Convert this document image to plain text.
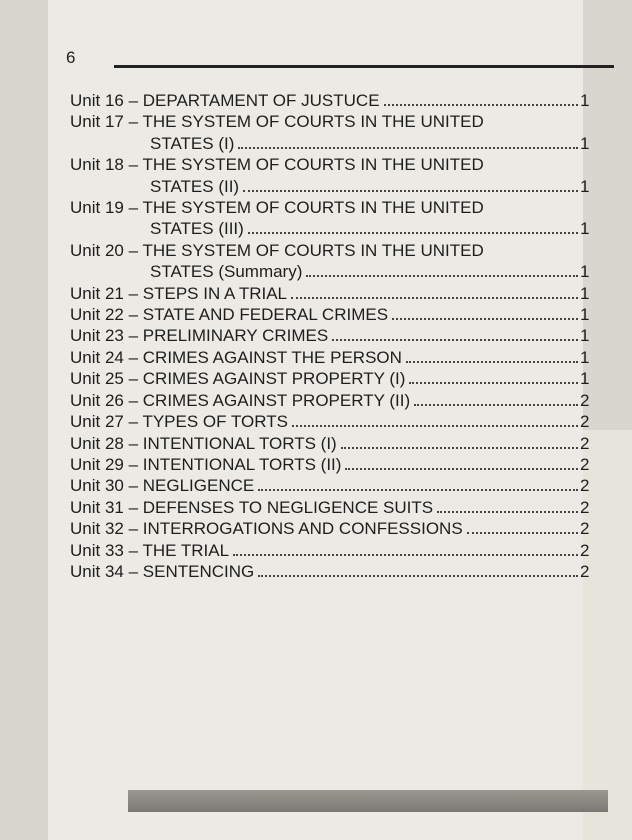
6
Unit 16 – DEPARTAMENT OF JUSTUCE	1
Unit 17 – THE SYSTEM OF COURTS IN THE UNITED
STATES (I)	1
Unit 18 – THE SYSTEM OF COURTS IN THE UNITED
STATES (II)	1
Unit 19 – THE SYSTEM OF COURTS IN THE UNITED
STATES (III)	1
Unit 20 – THE SYSTEM OF COURTS IN THE UNITED
STATES (Summary)	1
Unit 21 – STEPS IN A TRIAL	1
Unit 22 – STATE AND FEDERAL CRIMES	1
Unit 23 – PRELIMINARY CRIMES	1
Unit 24 – CRIMES AGAINST THE PERSON	1
Unit 25 – CRIMES AGAINST PROPERTY (I)	1
Unit 26 – CRIMES AGAINST PROPERTY (II)	2
Unit 27 – TYPES OF TORTS	2
Unit 28 – INTENTIONAL TORTS (I)	2
Unit 29 – INTENTIONAL TORTS (II)	2
Unit 30 – NEGLIGENCE	2
Unit 31 – DEFENSES TO NEGLIGENCE SUITS	2
Unit 32 – INTERROGATIONS AND CONFESSIONS	2
Unit 33 – THE TRIAL	2
Unit 34 – SENTENCING	2
